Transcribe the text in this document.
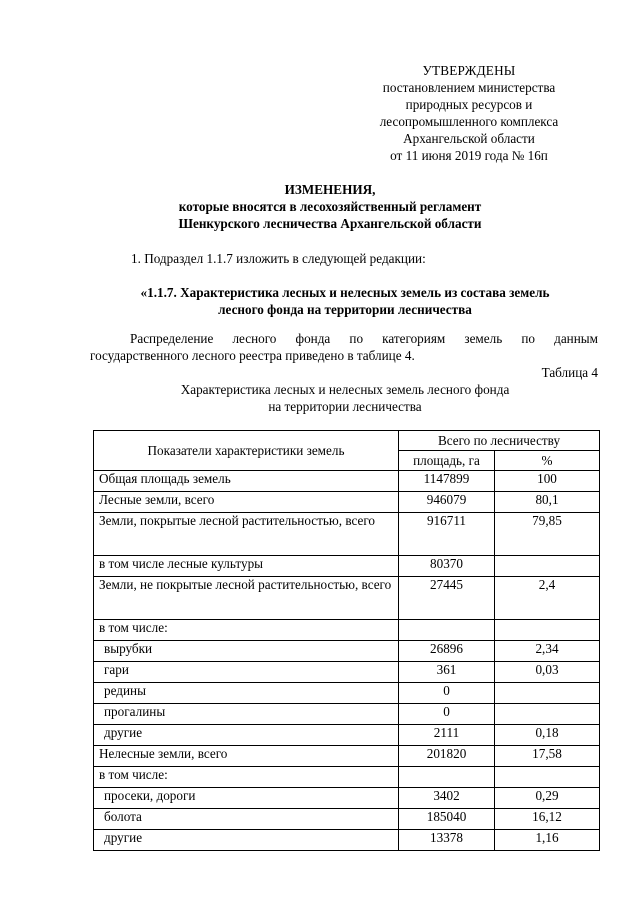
УТВЕРЖДЕНЫ
постановлением министерства
природных ресурсов и
лесопромышленного комплекса
Архангельской области
от 11 июня 2019 года № 16п
ИЗМЕНЕНИЯ,
которые вносятся в лесохозяйственный регламент
Шенкурского лесничества Архангельской области
1. Подраздел 1.1.7 изложить в следующей редакции:
«1.1.7. Характеристика лесных и нелесных земель из состава земель
лесного фонда на территории лесничества
Распределение лесного фонда по категориям земель по данным
государственного лесного реестра приведено в таблице 4.
Таблица 4
Характеристика лесных и нелесных земель лесного фонда
на территории лесничества
Показатели характеристики земель	Всего по лесничеству	
	площадь, га	%
Общая площадь земель	1147899	100
Лесные земли, всего	946079	80,1
Земли, покрытые лесной растительностью, всего	916711	79,85
в том числе лесные культуры	80370	
Земли, не покрытые лесной растительностью, всего	27445	2,4
в том числе:		
вырубки	26896	2,34
гари	361	0,03
редины	0	
прогалины	0	
другие	2111	0,18
Нелесные земли, всего	201820	17,58
в том числе:		
просеки, дороги	3402	0,29
болота	185040	16,12
другие	13378	1,16
